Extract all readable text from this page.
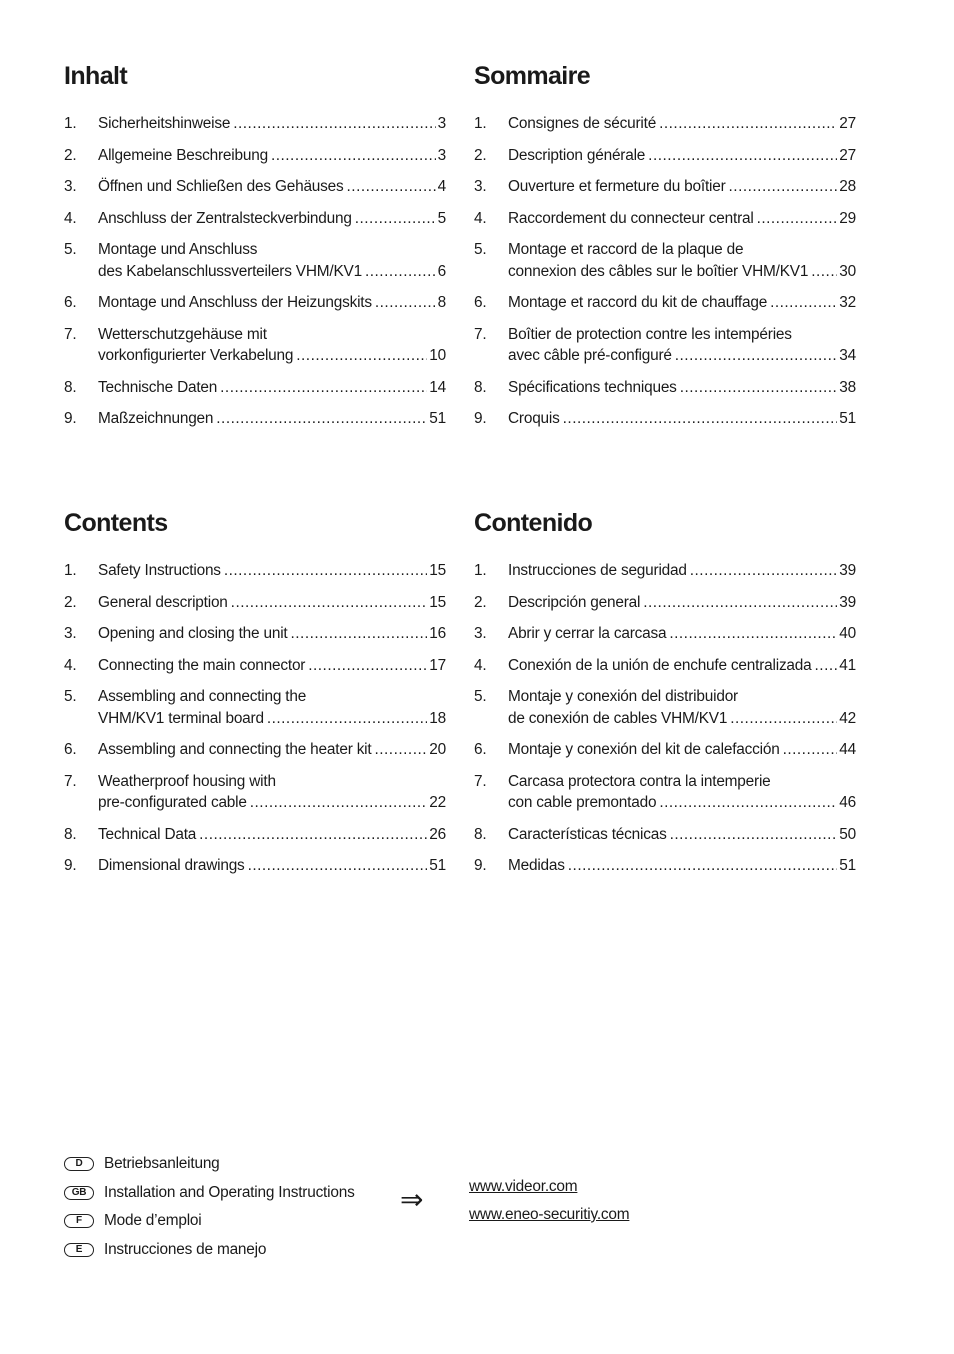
Inhalt
1.	Sicherheitshinweise .....	3
2.	Allgemeine Beschreibung .....	3
3.	Öffnen und Schließen des Gehäuses .....	4
4.	Anschluss der Zentralsteckverbindung .....	5
5.	Montage und Anschluss
des Kabelanschlussverteilers VHM/KV1 .....	6
6.	Montage und Anschluss der Heizungskits .....	8
7.	Wetterschutzgehäuse mit
vorkonfigurierter Verkabelung .....	10
8.	Technische Daten .....	14
9.	Maßzeichnungen .....	51
Sommaire
1.	Consignes de sécurité .....	27
2.	Description générale .....	27
3.	Ouverture et fermeture du boîtier .....	28
4.	Raccordement du connecteur central .....	29
5.	Montage et raccord de la plaque de
connexion des câbles sur le boîtier VHM/KV1 ..... 30
6.	Montage et raccord du kit de chauffage .....	32
7.	Boîtier de protection contre les intempéries
avec câble pré-configuré .....	34
8.	Spécifications techniques .....	38
9.	Croquis .....	51
Contents
1.	Safety Instructions .....	15
2.	General description .....	15
3.	Opening and closing the unit .....	16
4.	Connecting the main connector .....	17
5.	Assembling and connecting the
VHM/KV1 terminal board .....	18
6.	Assembling and connecting the heater kit .....	20
7.	Weatherproof housing with
pre-configurated cable .....	22
8.	Technical Data .....	26
9.	Dimensional drawings .....	51
Contenido
1.	Instrucciones de seguridad .....	39
2.	Descripción general .....	39
3.	Abrir y cerrar la carcasa .....	40
4.	Conexión de la unión de enchufe centralizada ..... 41
5.	Montaje y conexión del distribuidor
de conexión de cables VHM/KV1 .....	42
6.	Montaje y conexión del kit de calefacción .....	44
7.	Carcasa protectora contra la intemperie
con cable premontado .....	46
8.	Características técnicas .....	50
9.	Medidas .....	51
D	Betriebsanleitung
GB	Installation and Operating Instructions
F	Mode d’emploi
E	Instrucciones de manejo
⇒	www.videor.com
www.eneo-securitiy.com
